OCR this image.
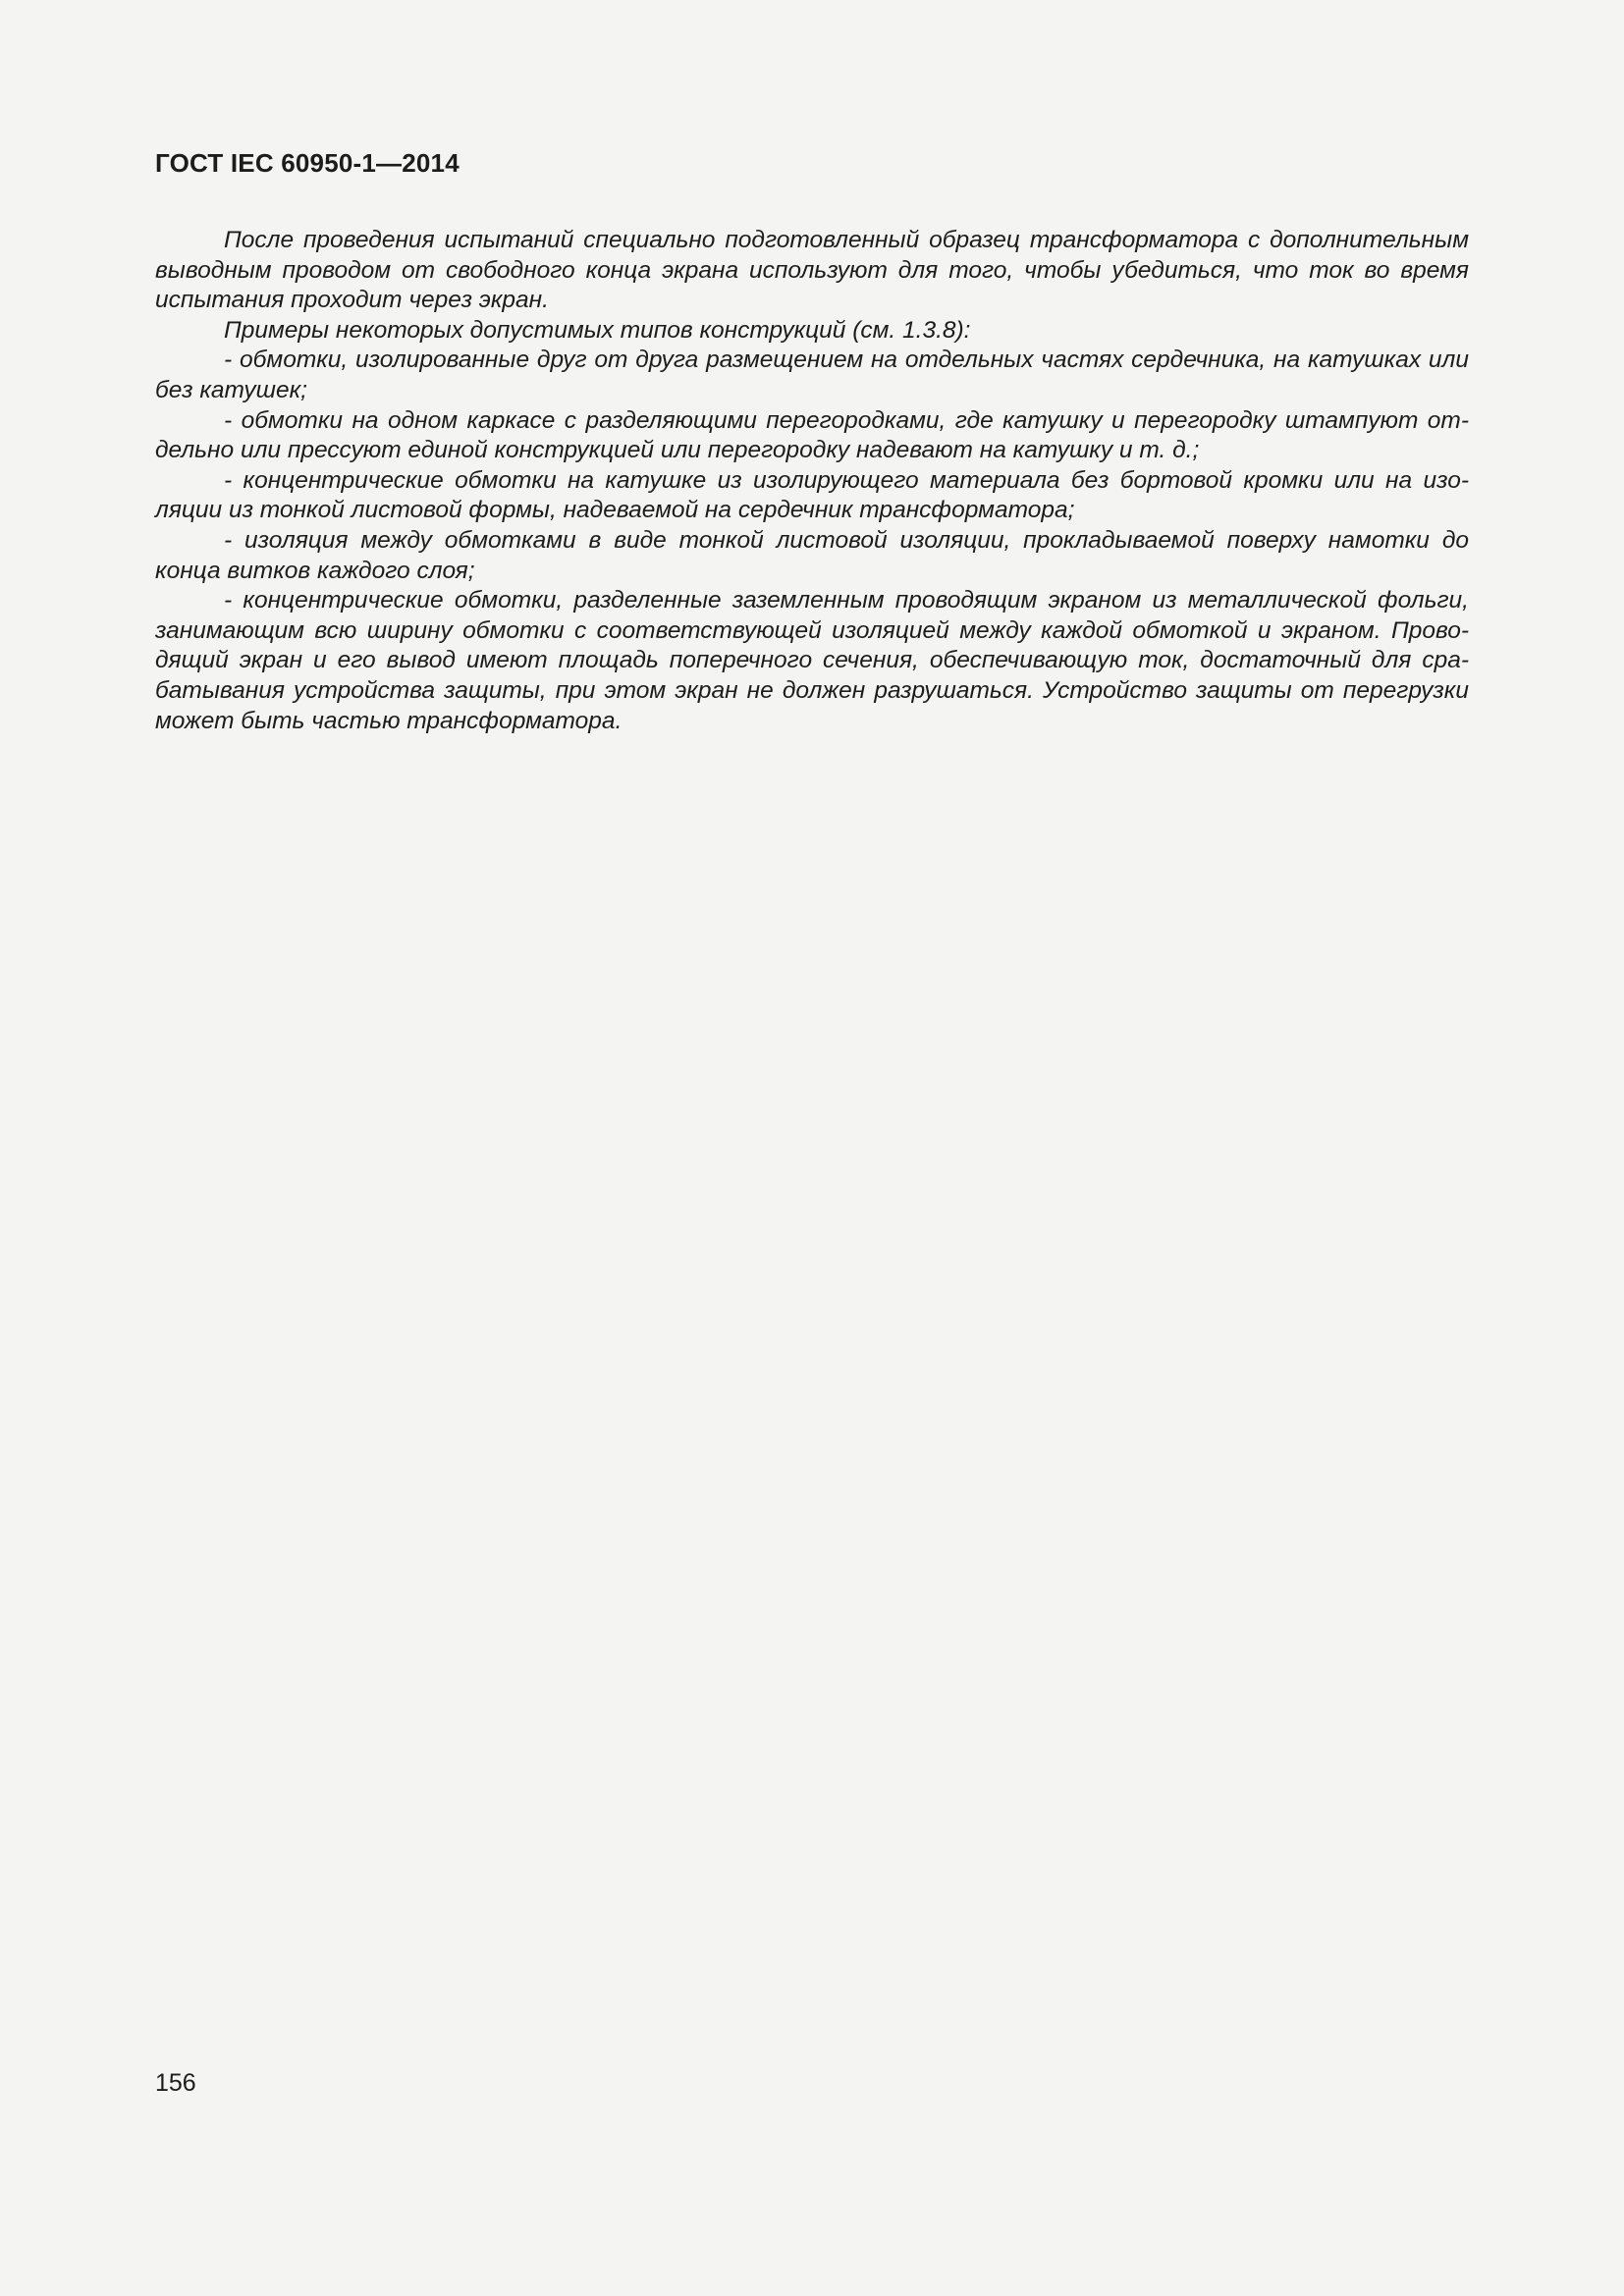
ГОСТ IEC 60950-1—2014

После проведения испытаний специально подготовленный образец трансформатора с дополнительным выводным проводом от свободного конца экрана используют для того, чтобы убедиться, что ток во время испытания проходит через экран.

Примеры некоторых допустимых типов конструкций (см. 1.3.8):

- обмотки, изолированные друг от друга размещением на отдельных частях сердечника, на катушках или без катушек;

- обмотки на одном каркасе с разделяющими перегородками, где катушку и перегородку штампуют от-дельно или прессуют единой конструкцией или перегородку надевают на катушку и т. д.;

- концентрические обмотки на катушке из изолирующего материала без бортовой кромки или на изо-ляции из тонкой листовой формы, надеваемой на сердечник трансформатора;

- изоляция между обмотками в виде тонкой листовой изоляции, прокладываемой поверху намотки до конца витков каждого слоя;

- концентрические обмотки, разделенные заземленным проводящим экраном из металлической фольги, занимающим всю ширину обмотки с соответствующей изоляцией между каждой обмоткой и экраном. Прово-дящий экран и его вывод имеют площадь поперечного сечения, обеспечивающую ток, достаточный для сра-батывания устройства защиты, при этом экран не должен разрушаться. Устройство защиты от перегрузки может быть частью трансформатора.

156
